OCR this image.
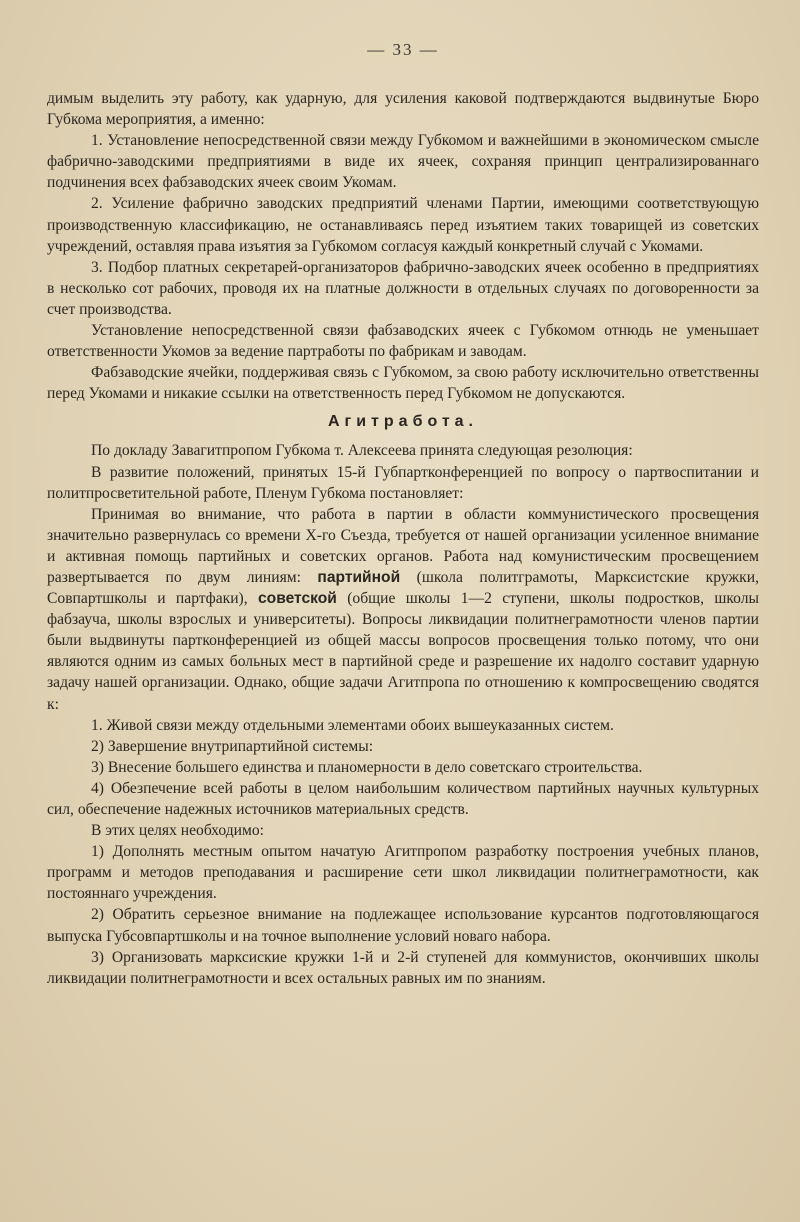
— 33 —

димым выделить эту работу, как ударную, для усиления каковой подтверждаются выдвинутые Бюро Губкома мероприятия, а именно:

1. Установление непосредственной связи между Губкомом и важнейшими в экономическом смысле фабрично-заводскими предприятиями в виде их ячеек, сохраняя принцип централизированнаго подчинения всех фабзаводских ячеек своим Укомам.

2. Усиление фабрично заводских предприятий членами Партии, имеющими соответствующую производственную классификацию, не останавливаясь перед изъятием таких товарищей из советских учреждений, оставляя права изъятия за Губкомом согласуя каждый конкретный случай с Укомами.

3. Подбор платных секретарей-организаторов фабрично-заводских ячеек особенно в предприятиях в несколько сот рабочих, проводя их на платные должности в отдельных случаях по договоренности за счет производства.

Установление непосредственной связи фабзаводских ячеек с Губкомом отнюдь не уменьшает ответственности Укомов за ведение партработы по фабрикам и заводам.

Фабзаводские ячейки, поддерживая связь с Губкомом, за свою работу исключительно ответственны перед Укомами и никакие ссылки на ответственность перед Губкомом не допускаются.

Агитработа.

По докладу Завагитпропом Губкома т. Алексеева принята следующая резолюция:

В развитие положений, принятых 15-й Губпартконференцией по вопросу о партвоспитании и политпросветительной работе, Пленум Губкома постановляет:

Принимая во внимание, что работа в партии в области коммунистического просвещения значительно развернулась со времени Х-го Съезда, требуется от нашей организации усиленное внимание и активная помощь партийных и советских органов. Работа над комунистическим просвещением развертывается по двум линиям: партийной (школа политграмоты, Марксистские кружки, Совпартшколы и партфаки), советской (общие школы 1—2 ступени, школы подростков, школы фабзауча, школы взрослых и университеты). Вопросы ликвидации политнеграмотности членов партии были выдвинуты партконференцией из общей массы вопросов просвещения только потому, что они являются одним из самых больных мест в партийной среде и разрешение их надолго составит ударную задачу нашей организации. Однако, общие задачи Агитпропа по отношению к компросвещению сводятся к:

1. Живой связи между отдельными элементами обоих вышеуказанных систем.

2) Завершение внутрипартийной системы:

3) Внесение большего единства и планомерности в дело советскаго строительства.

4) Обезпечение всей работы в целом наибольшим количеством партийных научных культурных сил, обеспечение надежных источников материальных средств.

В этих целях необходимо:

1) Дополнять местным опытом начатую Агитпропом разработку построения учебных планов, программ и методов преподавания и расширение сети школ ликвидации политнеграмотности, как постояннаго учреждения.

2) Обратить серьезное внимание на подлежащее использование курсантов подготовляющагося выпуска Губсовпартшколы и на точное выполнение условий новаго набора.

3) Организовать марксиские кружки 1-й и 2-й ступеней для коммунистов, окончивших школы ликвидации политнеграмотности и всех остальных равных им по знаниям.
